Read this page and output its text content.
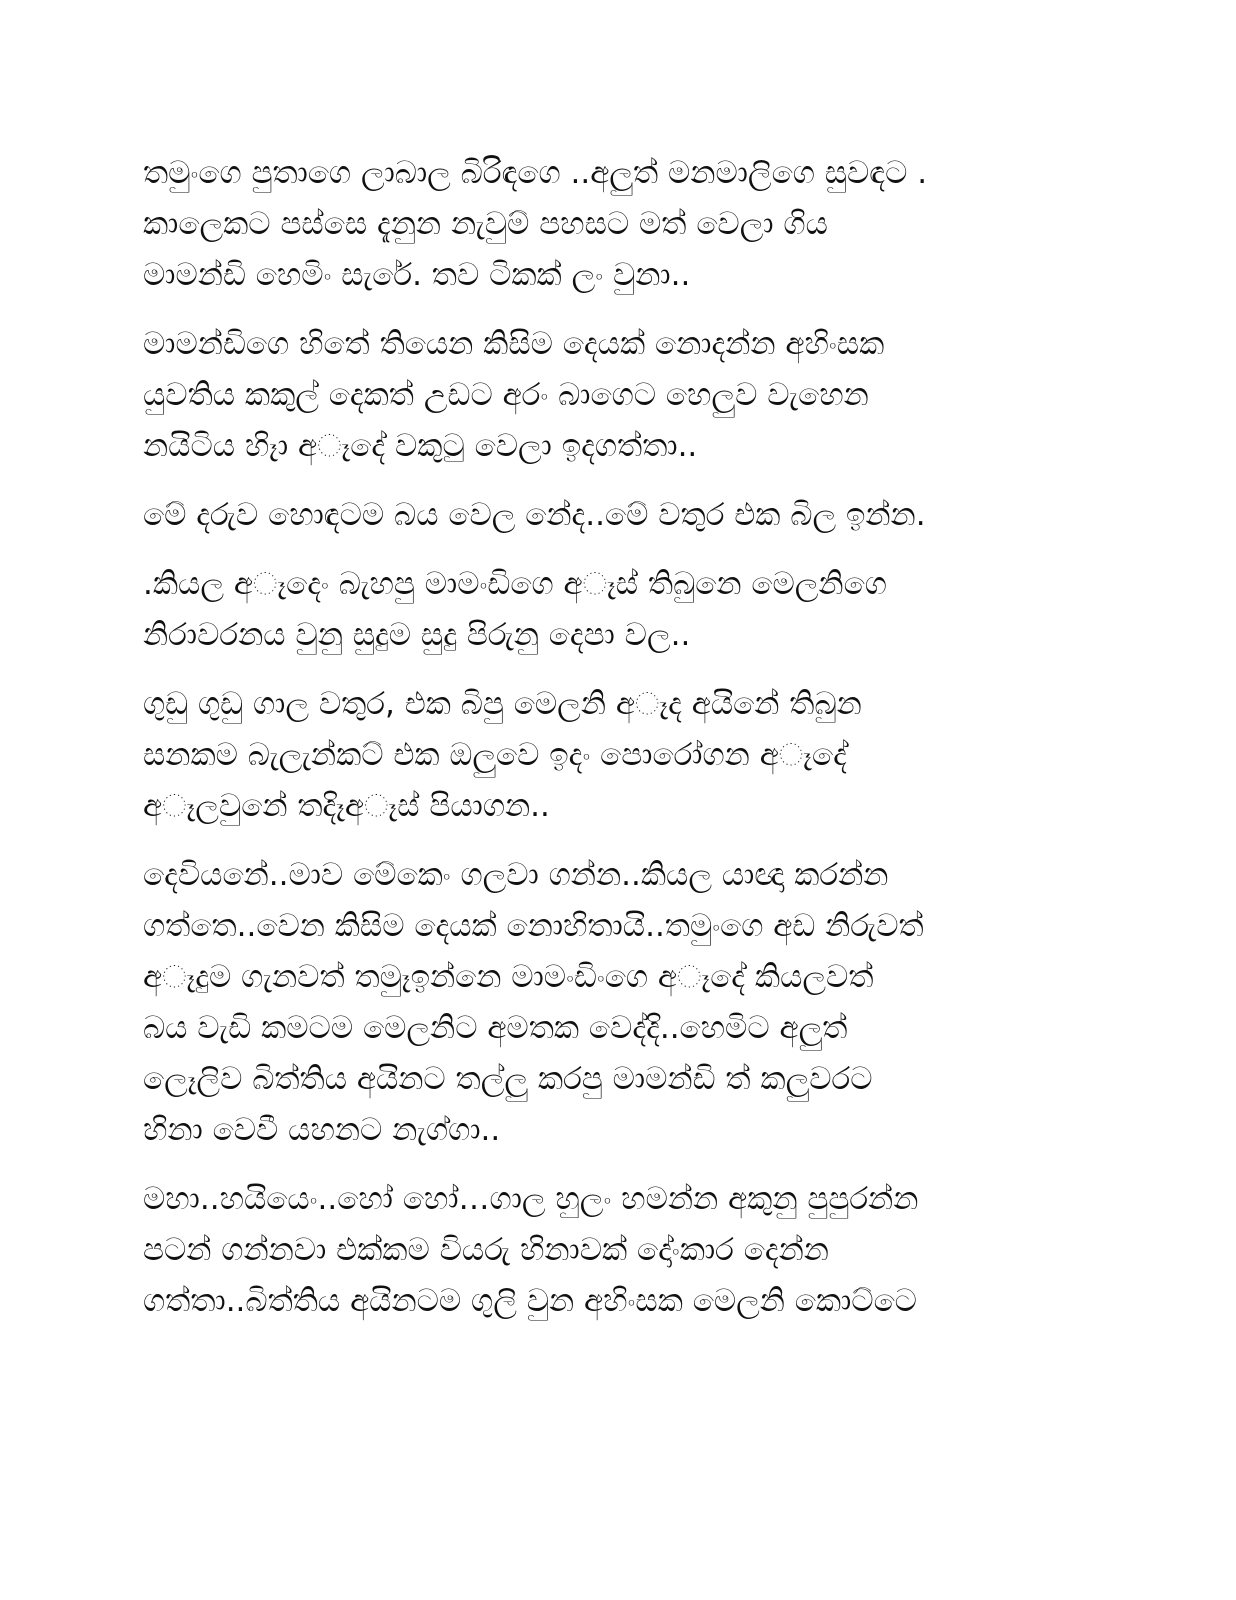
තමුංගෙ පුතාගෙ ලාබාල බිරිඳගෙ ..අලුත් මනමාලිගෙ සුවඳට .
කාලෙකට පස්සෙ දැනුන නැවුම් පහසට මත් වෙලා ගිය
මාමන්ඩි හෙමිං සැරේ. තව ටිකක් ලං වුනා..

මාමන්ඩිගෙ හිතේ තියෙන කිසිම දෙයක් නොදන්න අහිංසක
යුවතිය කකුල් දෙකත් උඩට අරං බාගෙට හෙලුව වැහෙන
නයිටිය හිෑා අෑදේ වකුටු වෙලා ඉදගත්තා..

මේ දරුව හොඳටම බය වෙල නේද..මේ වතුර එක බිල ඉන්න.

.කියල අෑදෙං බැහපු මාමංඩිගෙ අෑස් තිබුනෙ මෙලනිගෙ
නිරාවරනය වුනු සුදුම සුදු පිරුනු දෙපා වල..

ගුඩු ගුඩු ගාල වතුර, එක බිපු මෙලනි අෑද අයිනේ තිබුන
සනකම බැලැන්කට් එක ඔලුවෙ ඉදං පොරෝගන අෑදේ
අෑලවුනේ තදිෑඅෑස් පියාගන..

දෙවියනේ..මාව මේකෙං ගලවා ගන්න..කියල යාඥා කරන්න
ගත්තෙ..වෙන කිසිම දෙයක් නොහිතායි..තමුංගෙ අඩ නිරුවත්
අෑදුම ගැනවත් තමුෑඉන්නෙ මාමංඩිංගෙ අෑදේ කියලවත්
බය වැඩි කමටම මෙලනිට අමතක වෙද්දි..හෙමිට අලුත්
ලෙෑලිව බිත්තිය අයිනට තල්ලු කරපු මාමන්ඩි ත් කලුවරට
හිනා වෙවී යහනට නැග්ගා..

මහා..හයියෙං..හෝ හෝ…ගාල හුලං හමන්න අකුනු පුපුරන්න
පටන් ගන්නවා එක්කම වියරු හිනාවක් දෝංකාර දෙන්න
ගත්තා..බිත්තිය අයිනටම ගුලි වුන අහිංසක මෙලනි කොට්ටෙ
